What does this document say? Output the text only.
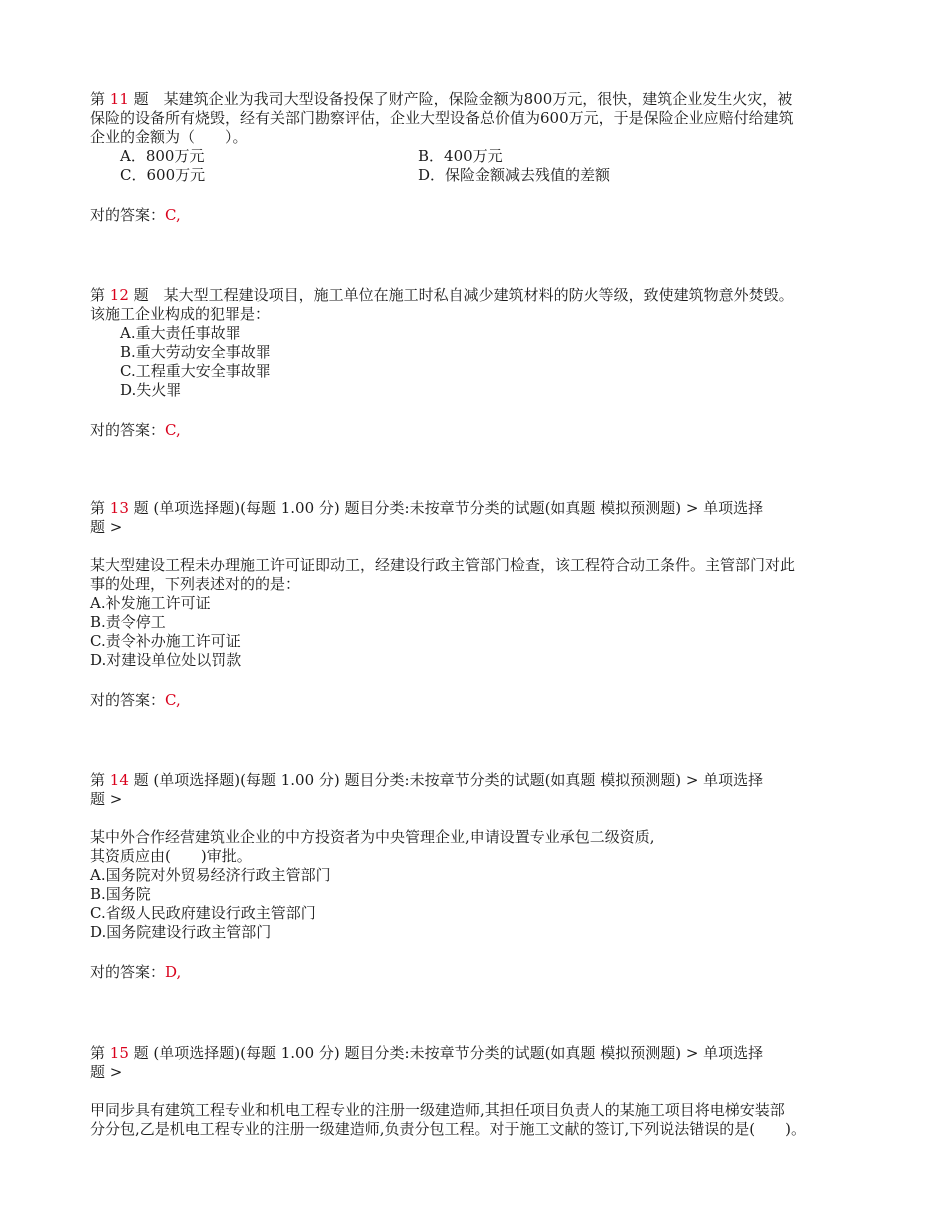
第 11 题　 某建筑企业为我司大型设备投保了财产险，保险金额为800万元，很快，建筑企业发生火灾，被
保险的设备所有烧毁，经有关部门勘察评估，企业大型设备总价值为600万元，于是保险企业应赔付给建筑
企业的金额为（　　）。
A．800万元	B．400万元
C．600万元	D．保险金额减去残值的差额
对的答案：C,
第 12 题　 某大型工程建设项目，施工单位在施工时私自减少建筑材料的防火等级，致使建筑物意外焚毁。
该施工企业构成的犯罪是：
A.重大责任事故罪
B.重大劳动安全事故罪
C.工程重大安全事故罪
D.失火罪
对的答案：C,
第 13 题 (单项选择题)(每题 1.00 分) 题目分类:未按章节分类的试题(如真题 模拟预测题) > 单项选择
题 >
某大型建设工程未办理施工许可证即动工，经建设行政主管部门检查，该工程符合动工条件。主管部门对此
事的处理，下列表述对的的是：
A.补发施工许可证
B.责令停工
C.责令补办施工许可证
D.对建设单位处以罚款
对的答案：C,
第 14 题 (单项选择题)(每题 1.00 分) 题目分类:未按章节分类的试题(如真题 模拟预测题) > 单项选择
题 >
某中外合作经营建筑业企业的中方投资者为中央管理企业,申请设置专业承包二级资质,
其资质应由(　　)审批。
A.国务院对外贸易经济行政主管部门
B.国务院
C.省级人民政府建设行政主管部门
D.国务院建设行政主管部门
对的答案：D,
第 15 题 (单项选择题)(每题 1.00 分) 题目分类:未按章节分类的试题(如真题 模拟预测题) > 单项选择
题 >
甲同步具有建筑工程专业和机电工程专业的注册一级建造师,其担任项目负责人的某施工项目将电梯安装部
分分包,乙是机电工程专业的注册一级建造师,负责分包工程。对于施工文献的签订,下列说法错误的是(　　)。
